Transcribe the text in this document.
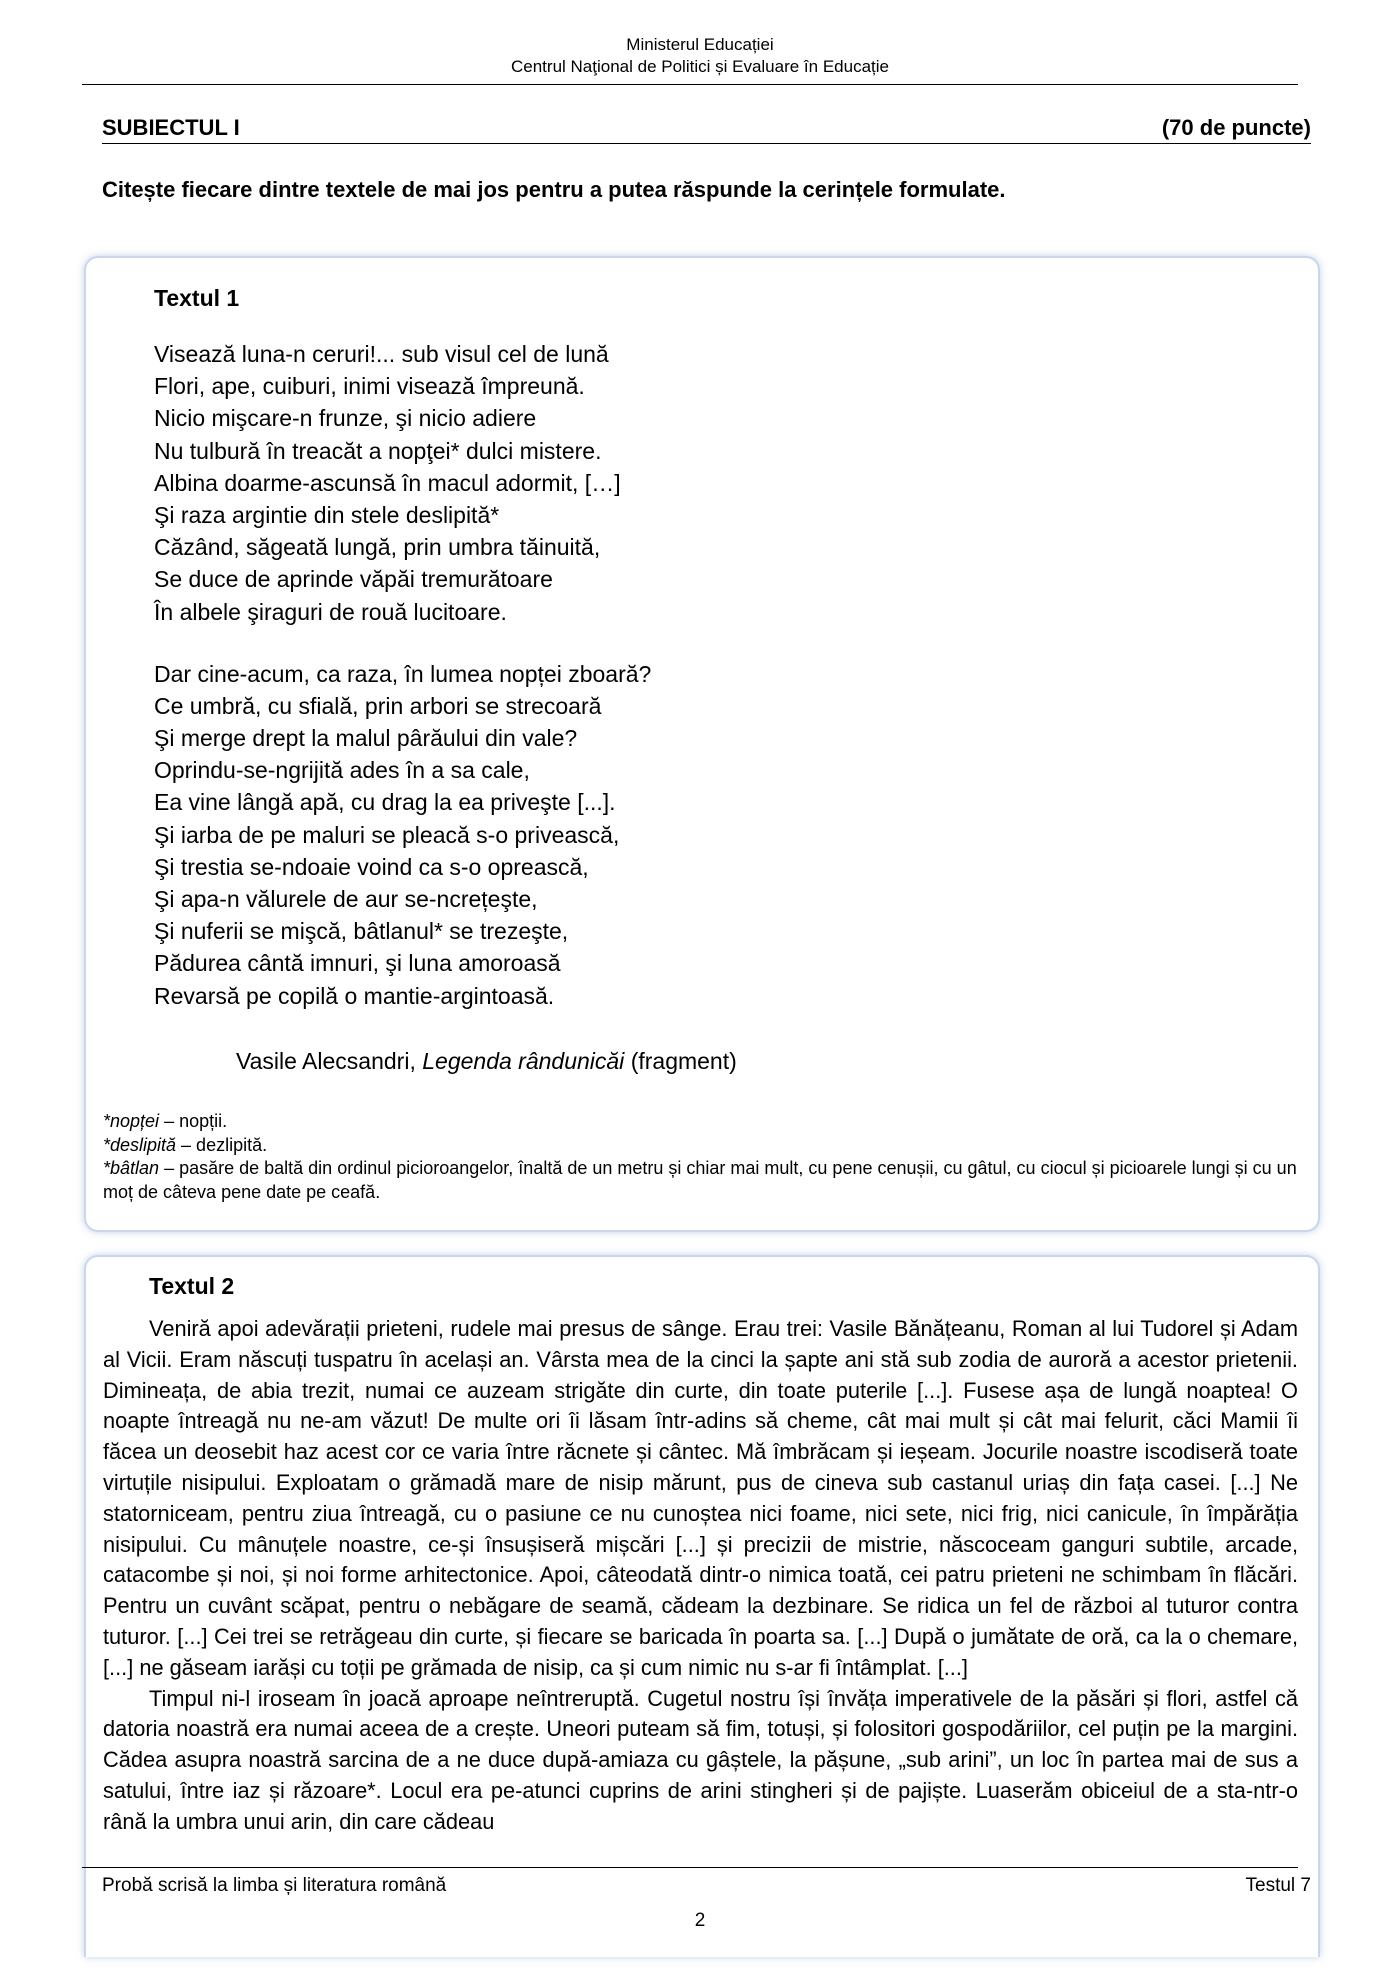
Ministerul Educației
Centrul Naţional de Politici și Evaluare în Educație
SUBIECTUL I	(70 de puncte)
Citește fiecare dintre textele de mai jos pentru a putea răspunde la cerințele formulate.
Textul 1
Visează luna-n ceruri!... sub visul cel de lună
Flori, ape, cuiburi, inimi visează împreună.
Nicio mişcare-n frunze, şi nicio adiere
Nu tulbură în treacăt a nopţei* dulci mistere.
Albina doarme-ascunsă în macul adormit, […]
Şi raza argintie din stele deslipită*
Căzând, săgeată lungă, prin umbra tăinuită,
Se duce de aprinde văpăi tremurătoare
În albele şiraguri de rouă lucitoare.
Dar cine-acum, ca raza, în lumea nopței zboară?
Ce umbră, cu sfială, prin arbori se strecoară
Şi merge drept la malul pârăului din vale?
Oprindu-se-ngrijită ades în a sa cale,
Ea vine lângă apă, cu drag la ea priveşte [...].
Şi iarba de pe maluri se pleacă s-o privească,
Şi trestia se-ndoaie voind ca s-o oprească,
Şi apa-n vălurele de aur se-ncrețeşte,
Şi nuferii se mişcă, bâtlanul* se trezeşte,
Pădurea cântă imnuri, şi luna amoroasă
Revarsă pe copilă o mantie-argintoasă.
Vasile Alecsandri, Legenda rândunicăi (fragment)
*nopței – nopții.
*deslipită – dezlipită.
*bâtlan – pasăre de baltă din ordinul picioroangelor, înaltă de un metru și chiar mai mult, cu pene cenușii, cu gâtul, cu ciocul și picioarele lungi și cu un moț de câteva pene date pe ceafă.
Textul 2

Veniră apoi adevărații prieteni, rudele mai presus de sânge. Erau trei: Vasile Bănățeanu, Roman al lui Tudorel și Adam al Vicii. Eram născuți tuspatru în același an. Vârsta mea de la cinci la șapte ani stă sub zodia de auroră a acestor prietenii. Dimineața, de abia trezit, numai ce auzeam strigăte din curte, din toate puterile [...]. Fusese așa de lungă noaptea! O noapte întreagă nu ne-am văzut! De multe ori îi lăsam într-adins să cheme, cât mai mult și cât mai felurit, căci Mamii îi făcea un deosebit haz acest cor ce varia între răcnete și cântec. Mă îmbrăcam și ieșeam. Jocurile noastre iscodiseră toate virtuțile nisipului. Exploatam o grămadă mare de nisip mărunt, pus de cineva sub castanul uriaș din fața casei. [...] Ne statorniceam, pentru ziua întreagă, cu o pasiune ce nu cunoștea nici foame, nici sete, nici frig, nici canicule, în împărăția nisipului. Cu mânuțele noastre, ce-și însușiseră mișcări [...] și precizii de mistrie, născoceam ganguri subtile, arcade, catacombe și noi, și noi forme arhitectonice. Apoi, câteodată dintr-o nimica toată, cei patru prieteni ne schimbam în flăcări. Pentru un cuvânt scăpat, pentru o nebăgare de seamă, cădeam la dezbinare. Se ridica un fel de război al tuturor contra tuturor. [...] Cei trei se retrăgeau din curte, și fiecare se baricada în poarta sa. [...] După o jumătate de oră, ca la o chemare, [...] ne găseam iarăși cu toții pe grămada de nisip, ca și cum nimic nu s-ar fi întâmplat. [...]

Timpul ni-l iroseam în joacă aproape neîntreruptă. Cugetul nostru își învăța imperativele de la păsări și flori, astfel că datoria noastră era numai aceea de a crește. Uneori puteam să fim, totuși, și folositori gospodăriilor, cel puțin pe la margini. Cădea asupra noastră sarcina de a ne duce după-amiaza cu gâștele, la pășune, „sub arini”, un loc în partea mai de sus a satului, între iaz și răzoare*. Locul era pe-atunci cuprins de arini stingheri și de pajiște. Luaserăm obiceiul de a sta-ntr-o rână la umbra unui arin, din care cădeau

Probă scrisă la limba și literatura română	Testul 7
2
